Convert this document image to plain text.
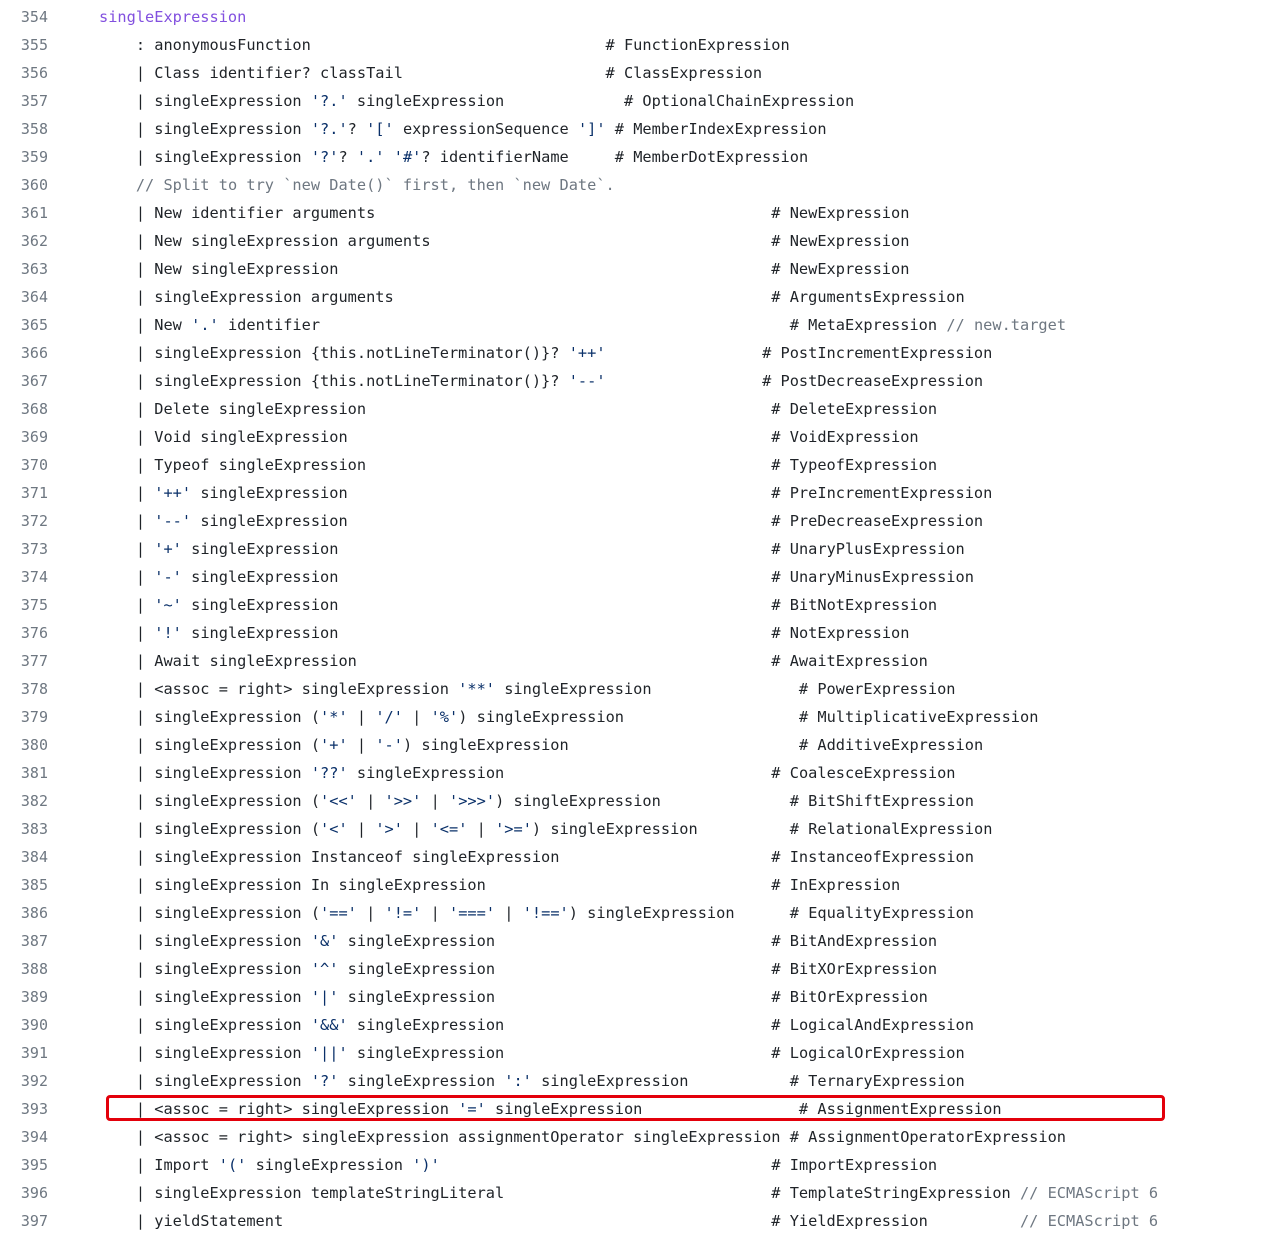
354	singleExpression
355	: anonymousFunction                                # FunctionExpression
356	| Class identifier? classTail                      # ClassExpression
357	| singleExpression '?.' singleExpression             # OptionalChainExpression
358	| singleExpression '?.'? '[' expressionSequence ']' # MemberIndexExpression
359	| singleExpression '?'? '.' '#'? identifierName     # MemberDotExpression
360	// Split to try `new Date()` first, then `new Date`.
361	| New identifier arguments                                           # NewExpression
362	| New singleExpression arguments                                     # NewExpression
363	| New singleExpression                                               # NewExpression
364	| singleExpression arguments                                         # ArgumentsExpression
365	| New '.' identifier                                                   # MetaExpression // new.target
366	| singleExpression {this.notLineTerminator()}? '++'                 # PostIncrementExpression
367	| singleExpression {this.notLineTerminator()}? '--'                 # PostDecreaseExpression
368	| Delete singleExpression                                            # DeleteExpression
369	| Void singleExpression                                              # VoidExpression
370	| Typeof singleExpression                                            # TypeofExpression
371	| '++' singleExpression                                              # PreIncrementExpression
372	| '--' singleExpression                                              # PreDecreaseExpression
373	| '+' singleExpression                                               # UnaryPlusExpression
374	| '-' singleExpression                                               # UnaryMinusExpression
375	| '~' singleExpression                                               # BitNotExpression
376	| '!' singleExpression                                               # NotExpression
377	| Await singleExpression                                             # AwaitExpression
378	| <assoc = right> singleExpression '**' singleExpression                # PowerExpression
379	| singleExpression ('*' | '/' | '%') singleExpression                   # MultiplicativeExpression
380	| singleExpression ('+' | '-') singleExpression                         # AdditiveExpression
381	| singleExpression '??' singleExpression                             # CoalesceExpression
382	| singleExpression ('<<' | '>>' | '>>>') singleExpression              # BitShiftExpression
383	| singleExpression ('<' | '>' | '<=' | '>=') singleExpression          # RelationalExpression
384	| singleExpression Instanceof singleExpression                       # InstanceofExpression
385	| singleExpression In singleExpression                               # InExpression
386	| singleExpression ('==' | '!=' | '===' | '!==') singleExpression      # EqualityExpression
387	| singleExpression '&' singleExpression                              # BitAndExpression
388	| singleExpression '^' singleExpression                              # BitXOrExpression
389	| singleExpression '|' singleExpression                              # BitOrExpression
390	| singleExpression '&&' singleExpression                             # LogicalAndExpression
391	| singleExpression '||' singleExpression                             # LogicalOrExpression
392	| singleExpression '?' singleExpression ':' singleExpression           # TernaryExpression
393	| <assoc = right> singleExpression '=' singleExpression                 # AssignmentExpression
394	| <assoc = right> singleExpression assignmentOperator singleExpression # AssignmentOperatorExpression
395	| Import '(' singleExpression ')'                                    # ImportExpression
396	| singleExpression templateStringLiteral                             # TemplateStringExpression // ECMAScript 6
397	| yieldStatement                                                     # YieldExpression          // ECMAScript 6
